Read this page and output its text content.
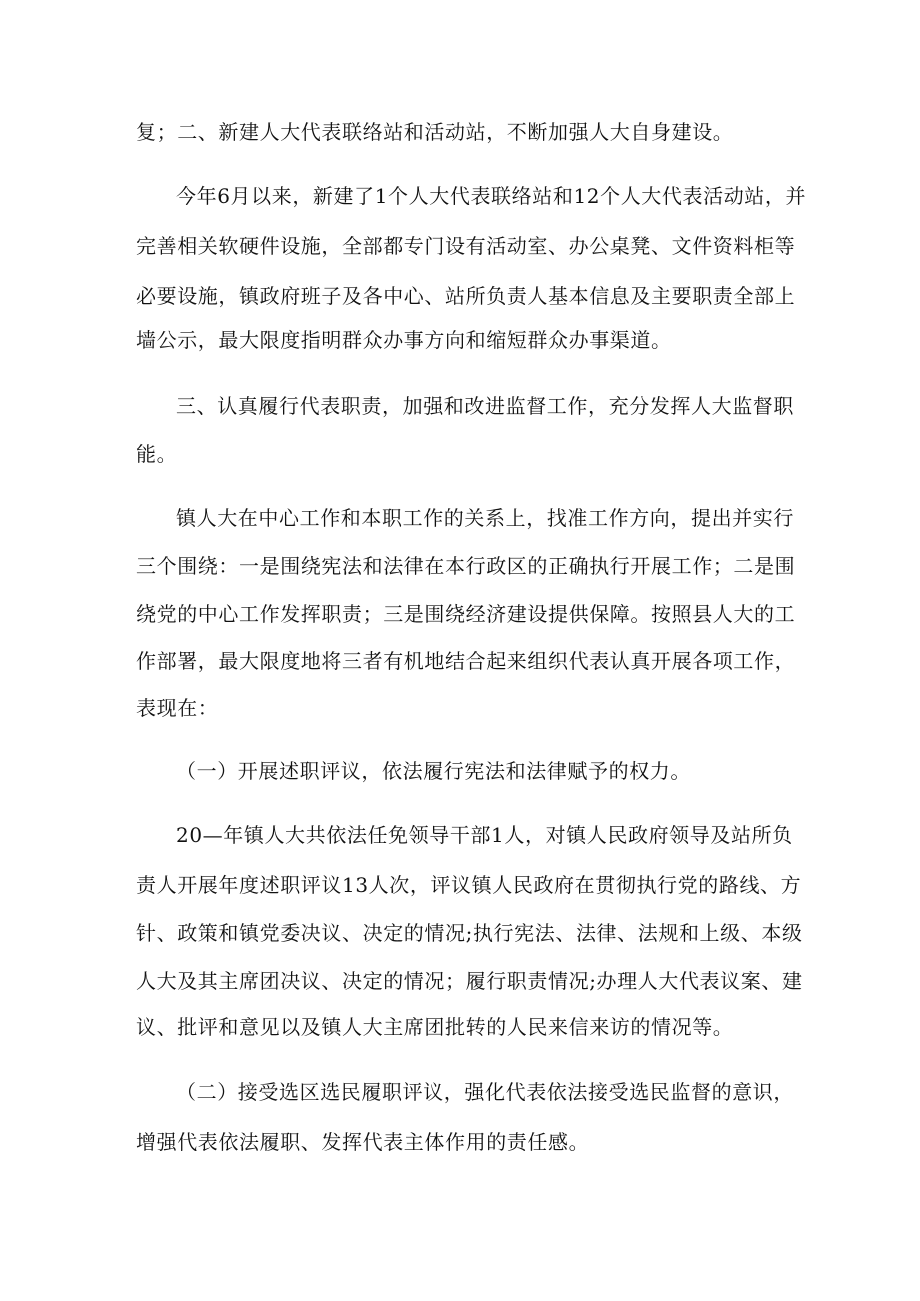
复；二、新建人大代表联络站和活动站，不断加强人大自身建设。
今年6月以来，新建了1个人大代表联络站和12个人大代表活动站，并
完善相关软硬件设施，全部都专门设有活动室、办公桌凳、文件资料柜等
必要设施，镇政府班子及各中心、站所负责人基本信息及主要职责全部上
墙公示，最大限度指明群众办事方向和缩短群众办事渠道。
三、认真履行代表职责，加强和改进监督工作，充分发挥人大监督职
能。
镇人大在中心工作和本职工作的关系上，找准工作方向，提出并实行
三个围绕：一是围绕宪法和法律在本行政区的正确执行开展工作；二是围
绕党的中心工作发挥职责；三是围绕经济建设提供保障。按照县人大的工
作部署，最大限度地将三者有机地结合起来组织代表认真开展各项工作，
表现在：
（一）开展述职评议，依法履行宪法和法律赋予的权力。
20—年镇人大共依法任免领导干部1人，对镇人民政府领导及站所负
责人开展年度述职评议13人次，评议镇人民政府在贯彻执行党的路线、方
针、政策和镇党委决议、决定的情况;执行宪法、法律、法规和上级、本级
人大及其主席团决议、决定的情况；履行职责情况;办理人大代表议案、建
议、批评和意见以及镇人大主席团批转的人民来信来访的情况等。
（二）接受选区选民履职评议，强化代表依法接受选民监督的意识，
增强代表依法履职、发挥代表主体作用的责任感。
